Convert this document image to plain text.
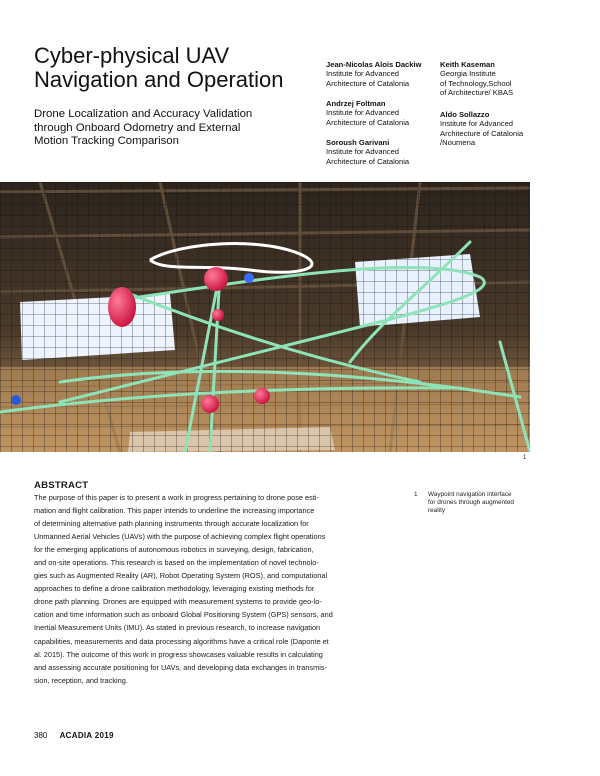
Cyber-physical UAV
Navigation and Operation
Drone Localization and Accuracy Validation
through Onboard Odometry and External
Motion Tracking Comparison
Jean-Nicolas Alois Dackiw
Institute for Advanced
Architecture of Catalonia
Andrzej Foltman
Institute for Advanced
Architecture of Catalonia
Soroush Garivani
Institute for Advanced
Architecture of Catalonia
Keith Kaseman
Georgia Institute
of Technology,School
of Architecture/ KBAS
Aldo Sollazzo
Institute for Advanced
Architecture of Catalonia
/Noumena
1
ABSTRACT
The purpose of this paper is to present a work in progress pertaining to drone pose esti-
mation and flight calibration. This paper intends to underline the increasing importance
of determining alternative path planning instruments through accurate localization for
Unmanned Aerial Vehicles (UAVs) with the purpose of achieving complex flight operations
for the emerging applications of autonomous robotics in surveying, design, fabrication,
and on-site operations. This research is based on the implementation of novel technolo-
gies such as Augmented Reality (AR), Robot Operating System (ROS), and computational
approaches to define a drone calibration methodology, leveraging existing methods for
drone path planning. Drones are equipped with measurement systems to provide geo-lo-
cation and time information such as onboard Global Positioning System (GPS) sensors, and
Inertial Measurement Units (IMU). As stated in previous research, to increase navigation
capabilities, measurements and data processing algorithms have a critical role (Daponte et
al. 2015). The outcome of this work in progress showcases valuable results in calculating
and assessing accurate positioning for UAVs, and developing data exchanges in transmis-
sion, reception, and tracking.
1 Waypoint navigation interface
for drones through augmented
reality
380 ACADIA 2019
